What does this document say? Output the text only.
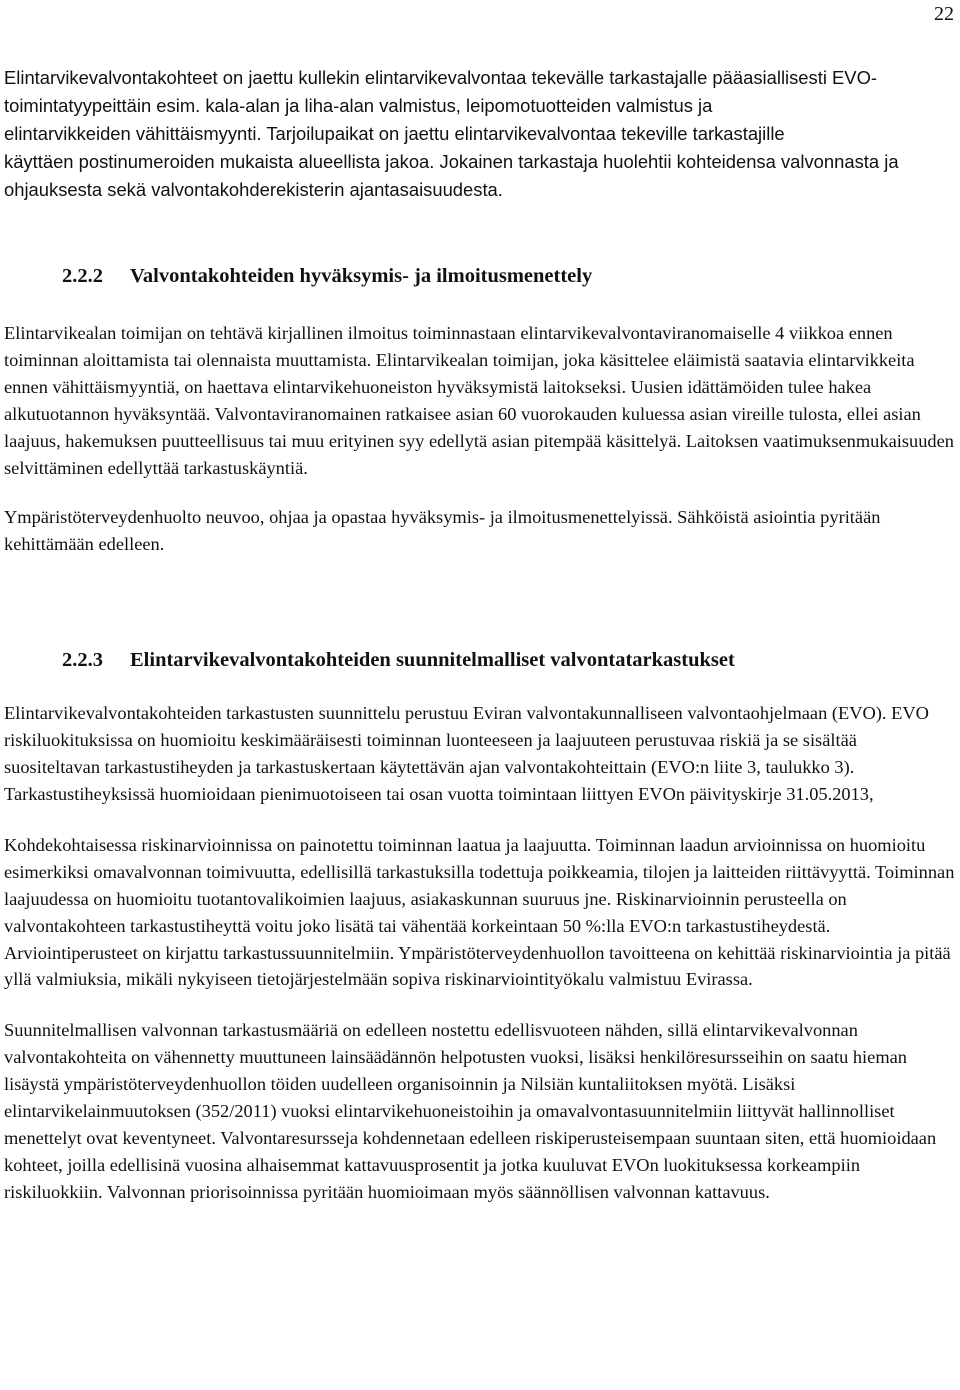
22

Elintarvikevalvontakohteet on jaettu kullekin elintarvikevalvontaa tekevälle tarkastajalle pääasiallisesti EVO-toimintatyypeittäin esim. kala-alan ja liha-alan valmistus, leipomotuotteiden valmistus ja
elintarvikkeiden vähittäismyynti. Tarjoilupaikat on jaettu elintarvikevalvontaa tekeville tarkastajille
käyttäen postinumeroiden mukaista alueellista jakoa. Jokainen tarkastaja huolehtii kohteidensa valvonnasta ja ohjauksesta sekä valvontakohderekisterin ajantasaisuudesta.

2.2.2 Valvontakohteiden hyväksymis- ja ilmoitusmenettely

Elintarvikealan toimijan on tehtävä kirjallinen ilmoitus toiminnastaan elintarvikevalvontaviranomaiselle 4 viikkoa ennen toiminnan aloittamista tai olennaista muuttamista. Elintarvikealan toimijan, joka käsittelee eläimistä saatavia elintarvikkeita ennen vähittäismyyntiä, on haettava elintarvikehuoneiston hyväksymistä laitokseksi. Uusien idättämöiden tulee hakea alkutuotannon hyväksyntää. Valvontaviranomainen ratkaisee asian 60 vuorokauden kuluessa asian vireille tulosta, ellei asian laajuus, hakemuksen puutteellisuus tai muu erityinen syy edellytä asian pitempää käsittelyä. Laitoksen vaatimuksenmukaisuuden selvittäminen edellyttää tarkastuskäyntiä.

Ympäristöterveydenhuolto neuvoo, ohjaa ja opastaa hyväksymis- ja ilmoitusmenettelyissä. Sähköistä asiointia pyritään kehittämään edelleen.

2.2.3 Elintarvikevalvontakohteiden suunnitelmalliset valvontatarkastukset

Elintarvikevalvontakohteiden tarkastusten suunnittelu perustuu Eviran valvontakunnalliseen valvontaohjelmaan (EVO). EVO riskiluokituksissa on huomioitu keskimääräisesti toiminnan luonteeseen ja laajuuteen perustuvaa riskiä ja se sisältää suositeltavan tarkastustiheyden ja tarkastuskertaan käytettävän ajan valvontakohteittain (EVO:n liite 3, taulukko 3). Tarkastustiheyksissä huomioidaan pienimuotoiseen tai osan vuotta toimintaan liittyen EVOn päivityskirje 31.05.2013,

Kohdekohtaisessa riskinarvioinnissa on painotettu toiminnan laatua ja laajuutta. Toiminnan laadun arvioinnissa on huomioitu esimerkiksi omavalvonnan toimivuutta, edellisillä tarkastuksilla todettuja poikkeamia, tilojen ja laitteiden riittävyyttä. Toiminnan laajuudessa on huomioitu tuotantovalikoimien laajuus, asiakaskunnan suuruus jne. Riskinarvioinnin perusteella on valvontakohteen tarkastustiheyttä voitu joko lisätä tai vähentää korkeintaan 50 %:lla EVO:n tarkastustiheydestä. Arviointiperusteet on kirjattu tarkastussuunnitelmiin. Ympäristöterveydenhuollon tavoitteena on kehittää riskinarviointia ja pitää yllä valmiuksia, mikäli nykyiseen tietojärjestelmään sopiva riskinarviointityökalu valmistuu Evirassa.

Suunnitelmallisen valvonnan tarkastusmääriä on edelleen nostettu edellisvuoteen nähden, sillä elintarvikevalvonnan valvontakohteita on vähennetty muuttuneen lainsäädännön helpotusten vuoksi, lisäksi henkilöresursseihin on saatu hieman lisäystä ympäristöterveydenhuollon töiden uudelleen organisoinnin ja Nilsiän kuntaliitoksen myötä. Lisäksi elintarvikelainmuutoksen (352/2011) vuoksi elintarvikehuoneistoihin ja omavalvontasuunnitelmiin liittyvät hallinnolliset menettelyt ovat keventyneet. Valvontaresursseja kohdennetaan edelleen riskiperusteisempaan suuntaan siten, että huomioidaan kohteet, joilla edellisinä vuosina alhaisemmat kattavuusprosentit ja jotka kuuluvat EVOn luokituksessa korkeampiin riskiluokkiin. Valvonnan priorisoinnissa pyritään huomioimaan myös säännöllisen valvonnan kattavuus.
